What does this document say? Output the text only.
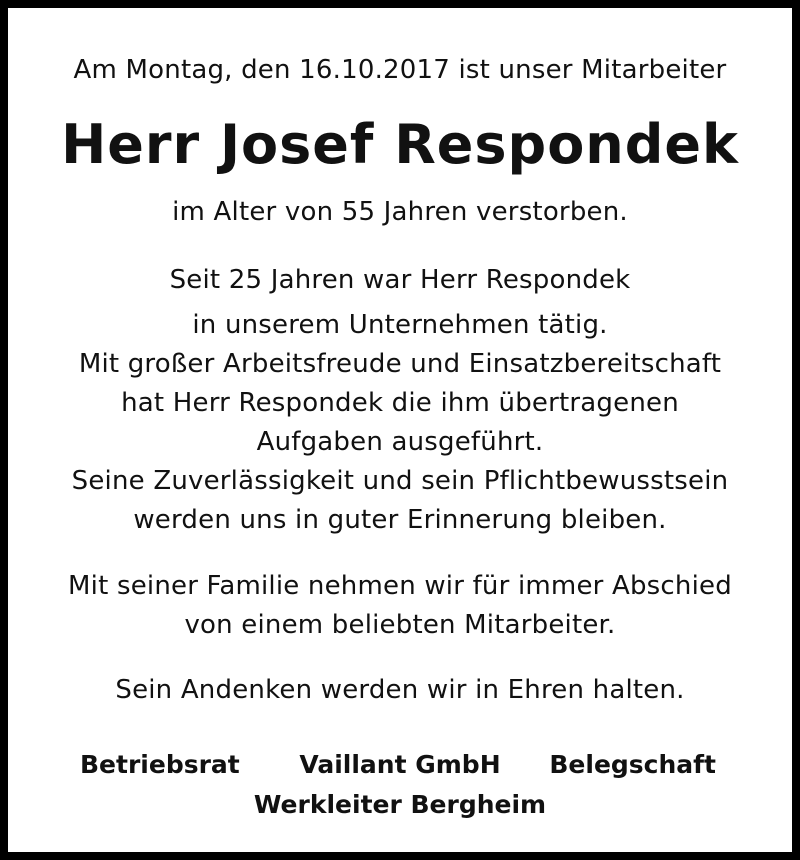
Am Montag, den 16.10.2017 ist unser Mitarbeiter
Herr Josef Respondek
im Alter von 55 Jahren verstorben.
Seit 25 Jahren war Herr Respondek
in unserem Unternehmen tätig.
Mit großer Arbeitsfreude und Einsatzbereitschaft
hat Herr Respondek die ihm übertragenen
Aufgaben ausgeführt.
Seine Zuverlässigkeit und sein Pflichtbewusstsein
werden uns in guter Erinnerung bleiben.
Mit seiner Familie nehmen wir für immer Abschied
von einem beliebten Mitarbeiter.
Sein Andenken werden wir in Ehren halten.
Betriebsrat	Vaillant GmbH	Belegschaft
Werkleiter Bergheim
